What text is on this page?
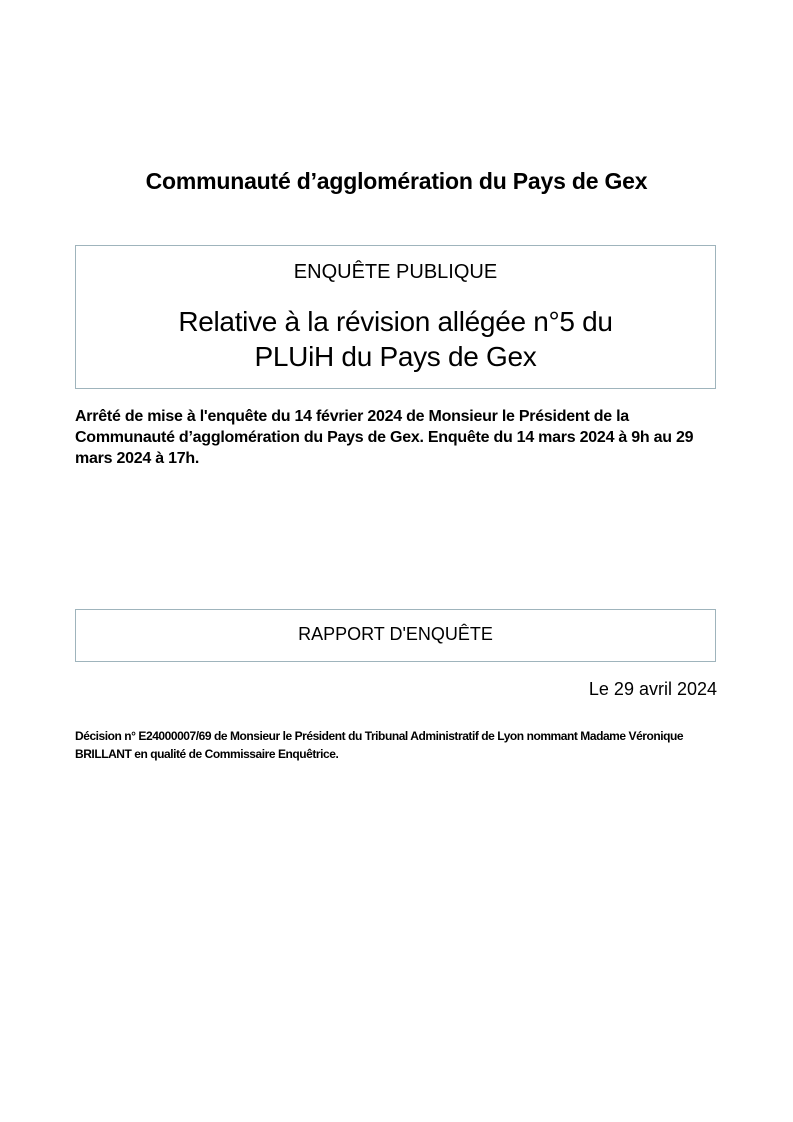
Communauté d’agglomération du Pays de Gex
ENQUÊTE PUBLIQUE
Relative à la révision allégée n°5 du
PLUiH du Pays de Gex
Arrêté de mise à l'enquête du 14 février 2024 de Monsieur le Président de la Communauté d’agglomération du Pays de Gex. Enquête du 14 mars 2024 à 9h au 29 mars 2024 à 17h.
RAPPORT D'ENQUÊTE
Le 29 avril 2024
Décision n° E24000007/69 de Monsieur le Président du Tribunal Administratif de Lyon nommant Madame Véronique BRILLANT en qualité de Commissaire Enquêtrice.
